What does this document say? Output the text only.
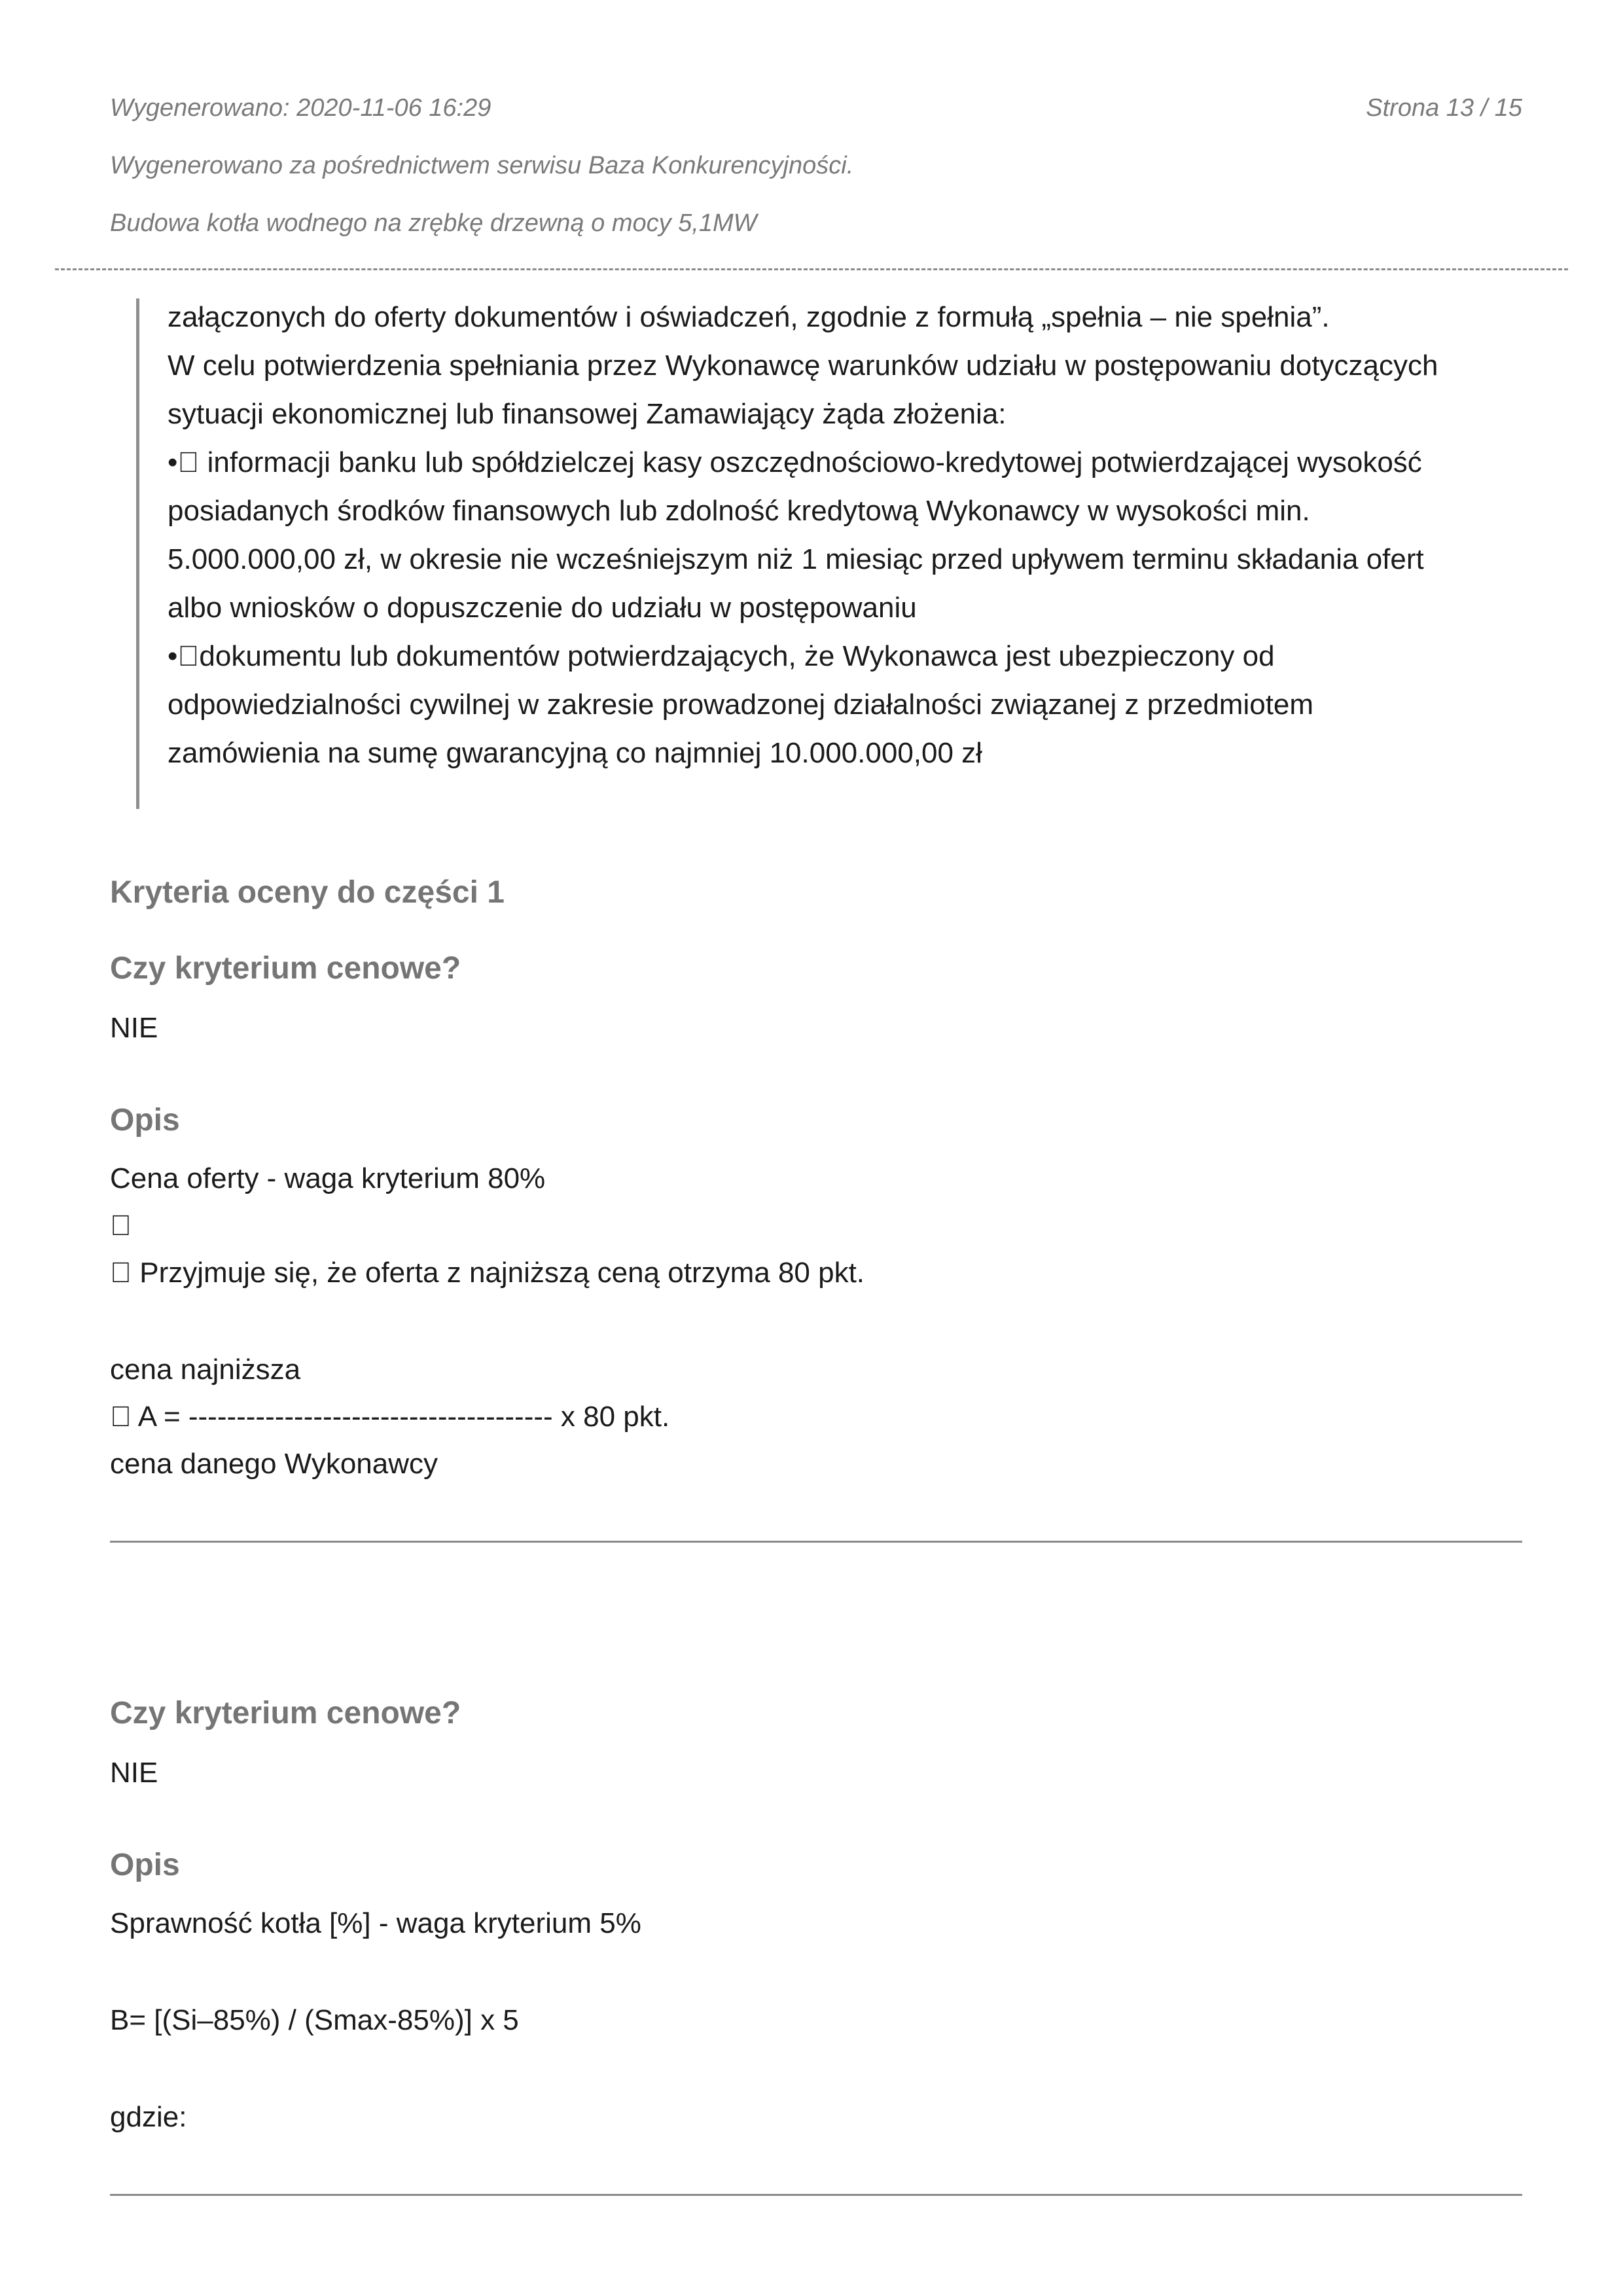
Wygenerowano: 2020-11-06 16:29	Strona 13 / 15
Wygenerowano za pośrednictwem serwisu Baza Konkurencyjności.
Budowa kotła wodnego na zrębkę drzewną o mocy 5,1MW
załączonych do oferty dokumentów i oświadczeń, zgodnie z formułą „spełnia – nie spełnia”.
W celu potwierdzenia spełniania przez Wykonawcę warunków udziału w postępowaniu dotyczących
sytuacji ekonomicznej lub finansowej Zamawiający żąda złożenia:
•  informacji banku lub spółdzielczej kasy oszczędnościowo-kredytowej potwierdzającej wysokość
posiadanych środków finansowych lub zdolność kredytową Wykonawcy w wysokości min.
5.000.000,00 zł, w okresie nie wcześniejszym niż 1 miesiąc przed upływem terminu składania ofert
albo wniosków o dopuszczenie do udziału w postępowaniu
• dokumentu lub dokumentów potwierdzających, że Wykonawca jest ubezpieczony od
odpowiedzialności cywilnej w zakresie prowadzonej działalności związanej z przedmiotem
zamówienia na sumę gwarancyjną co najmniej 10.000.000,00 zł
Kryteria oceny do części 1
Czy kryterium cenowe?
NIE
Opis
Cena oferty - waga kryterium 80%
 
  Przyjmuje się, że oferta z najniższą ceną otrzyma 80 pkt.
cena najniższa
  A = -------------------------------------- x 80 pkt.
cena danego Wykonawcy
Czy kryterium cenowe?
NIE
Opis
Sprawność kotła [%] - waga kryterium 5%
B= [(Si–85%) / (Smax-85%)] x 5
gdzie:
